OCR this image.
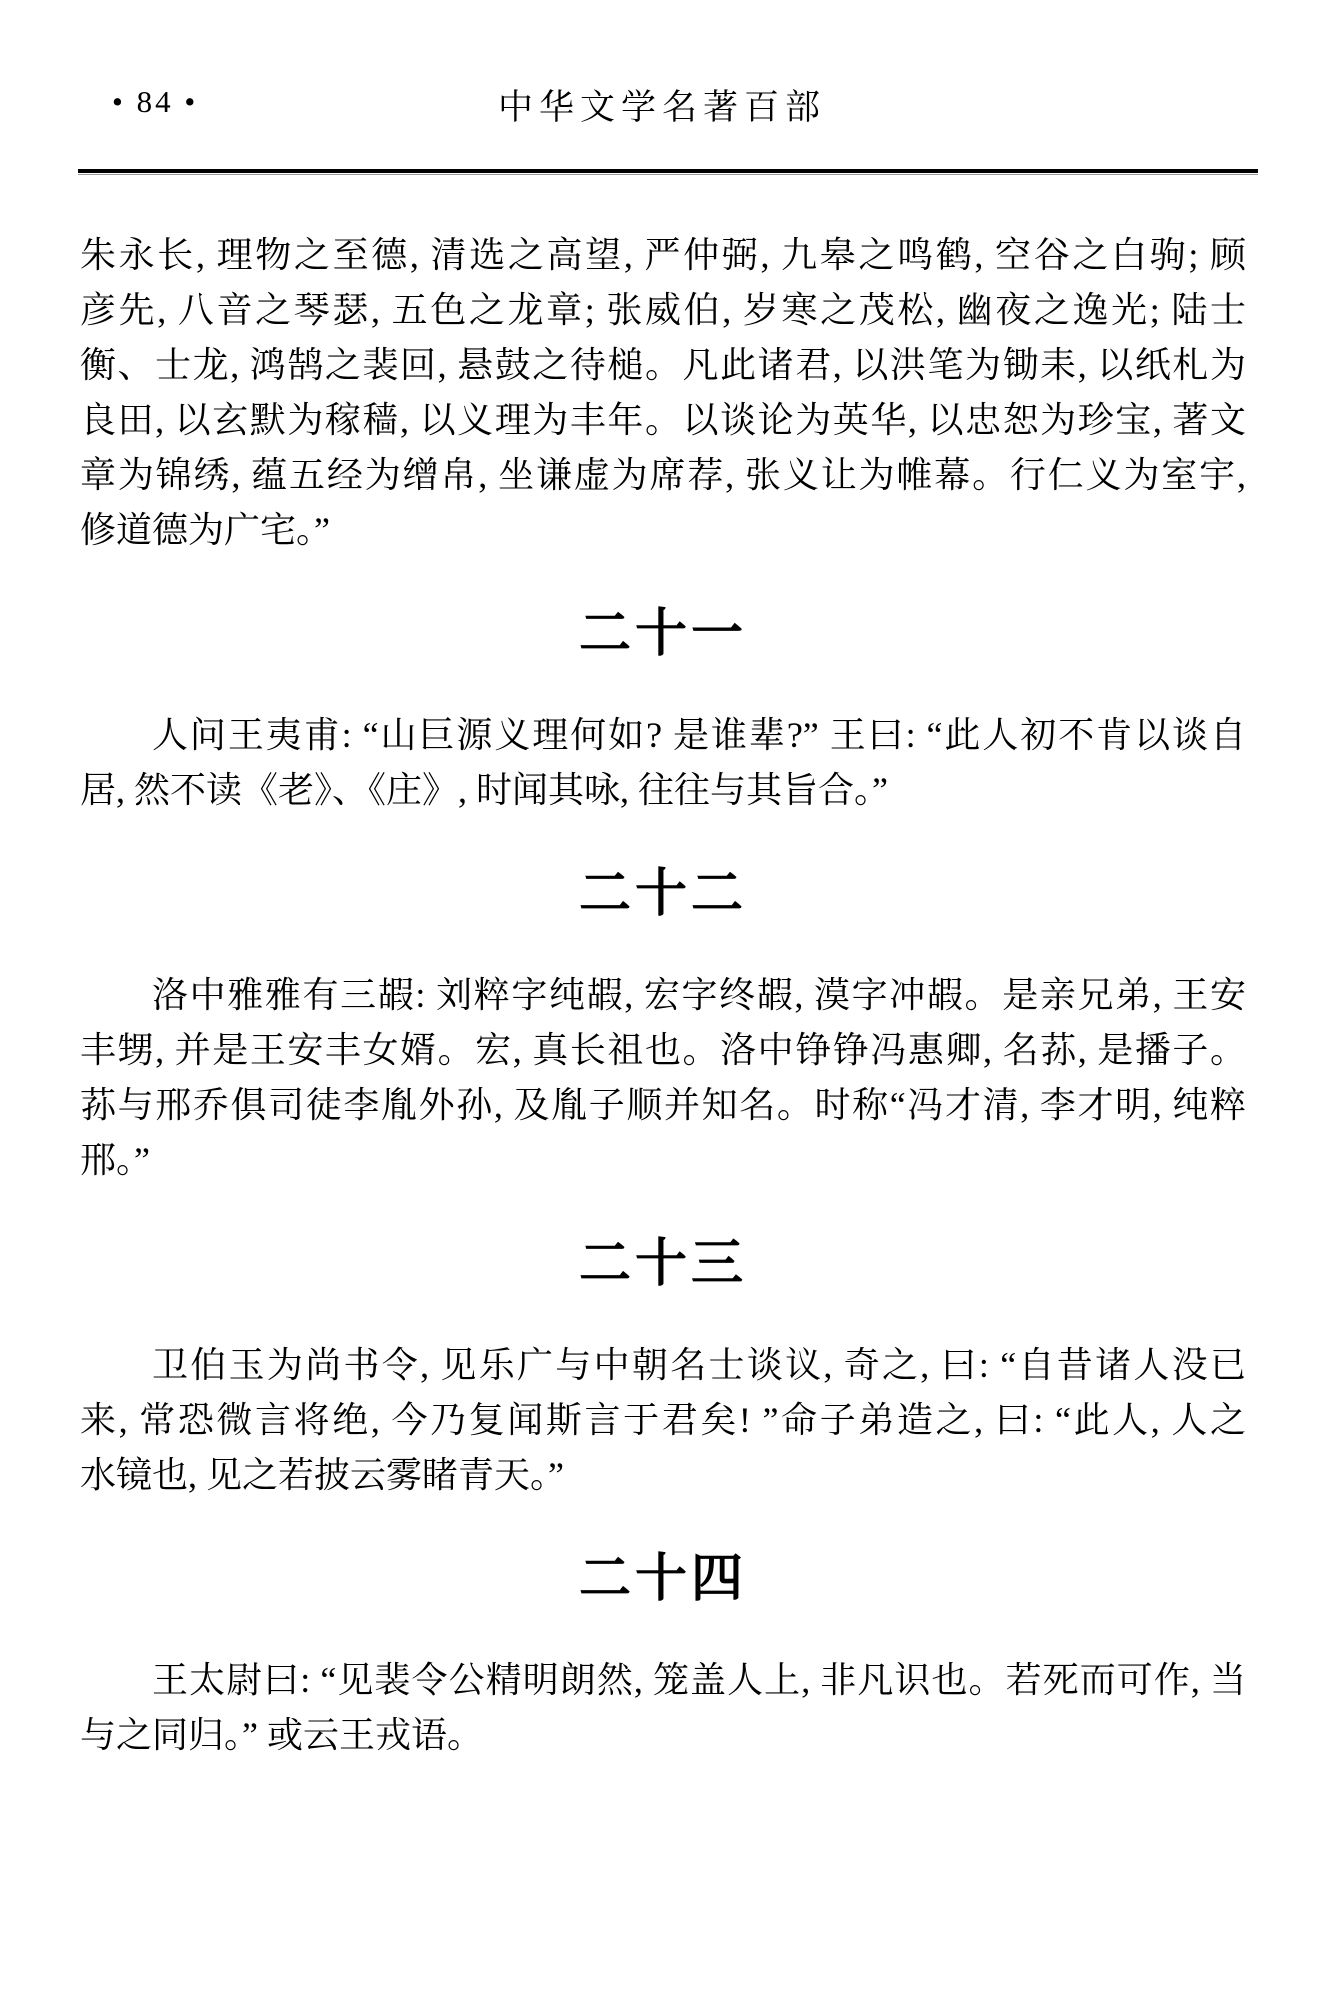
• 84 •	中华文学名著百部
朱永长, 理物之至德, 清选之高望, 严仲弼, 九皋之鸣鹤, 空谷之白驹; 顾
彦先, 八音之琴瑟, 五色之龙章; 张威伯, 岁寒之茂松, 幽夜之逸光; 陆士
衡、士龙, 鸿鹄之裴回, 悬鼓之待槌。凡此诸君, 以洪笔为锄耒, 以纸札为
良田, 以玄默为稼穑, 以义理为丰年。以谈论为英华, 以忠恕为珍宝, 著文
章为锦绣, 蕴五经为缯帛, 坐谦虚为席荐, 张义让为帷幕。行仁义为室宇,
修道德为广宅。”
二十一
人问王夷甫: “山巨源义理何如? 是谁辈?” 王曰: “此人初不肯以谈自
居, 然不读《老》、《庄》, 时闻其咏, 往往与其旨合。”
二十二
洛中雅雅有三嘏: 刘粹字纯嘏, 宏字终嘏, 漠字冲嘏。是亲兄弟, 王安
丰甥, 并是王安丰女婿。宏, 真长祖也。洛中铮铮冯惠卿, 名荪, 是播子。
荪与邢乔俱司徒李胤外孙, 及胤子顺并知名。时称“冯才清, 李才明, 纯粹
邢。”
二十三
卫伯玉为尚书令, 见乐广与中朝名士谈议, 奇之, 曰: “自昔诸人没已
来, 常恐微言将绝, 今乃复闻斯言于君矣! ”命子弟造之, 曰: “此人, 人之
水镜也, 见之若披云雾睹青天。”
二十四
王太尉曰: “见裴令公精明朗然, 笼盖人上, 非凡识也。若死而可作, 当
与之同归。” 或云王戎语。
